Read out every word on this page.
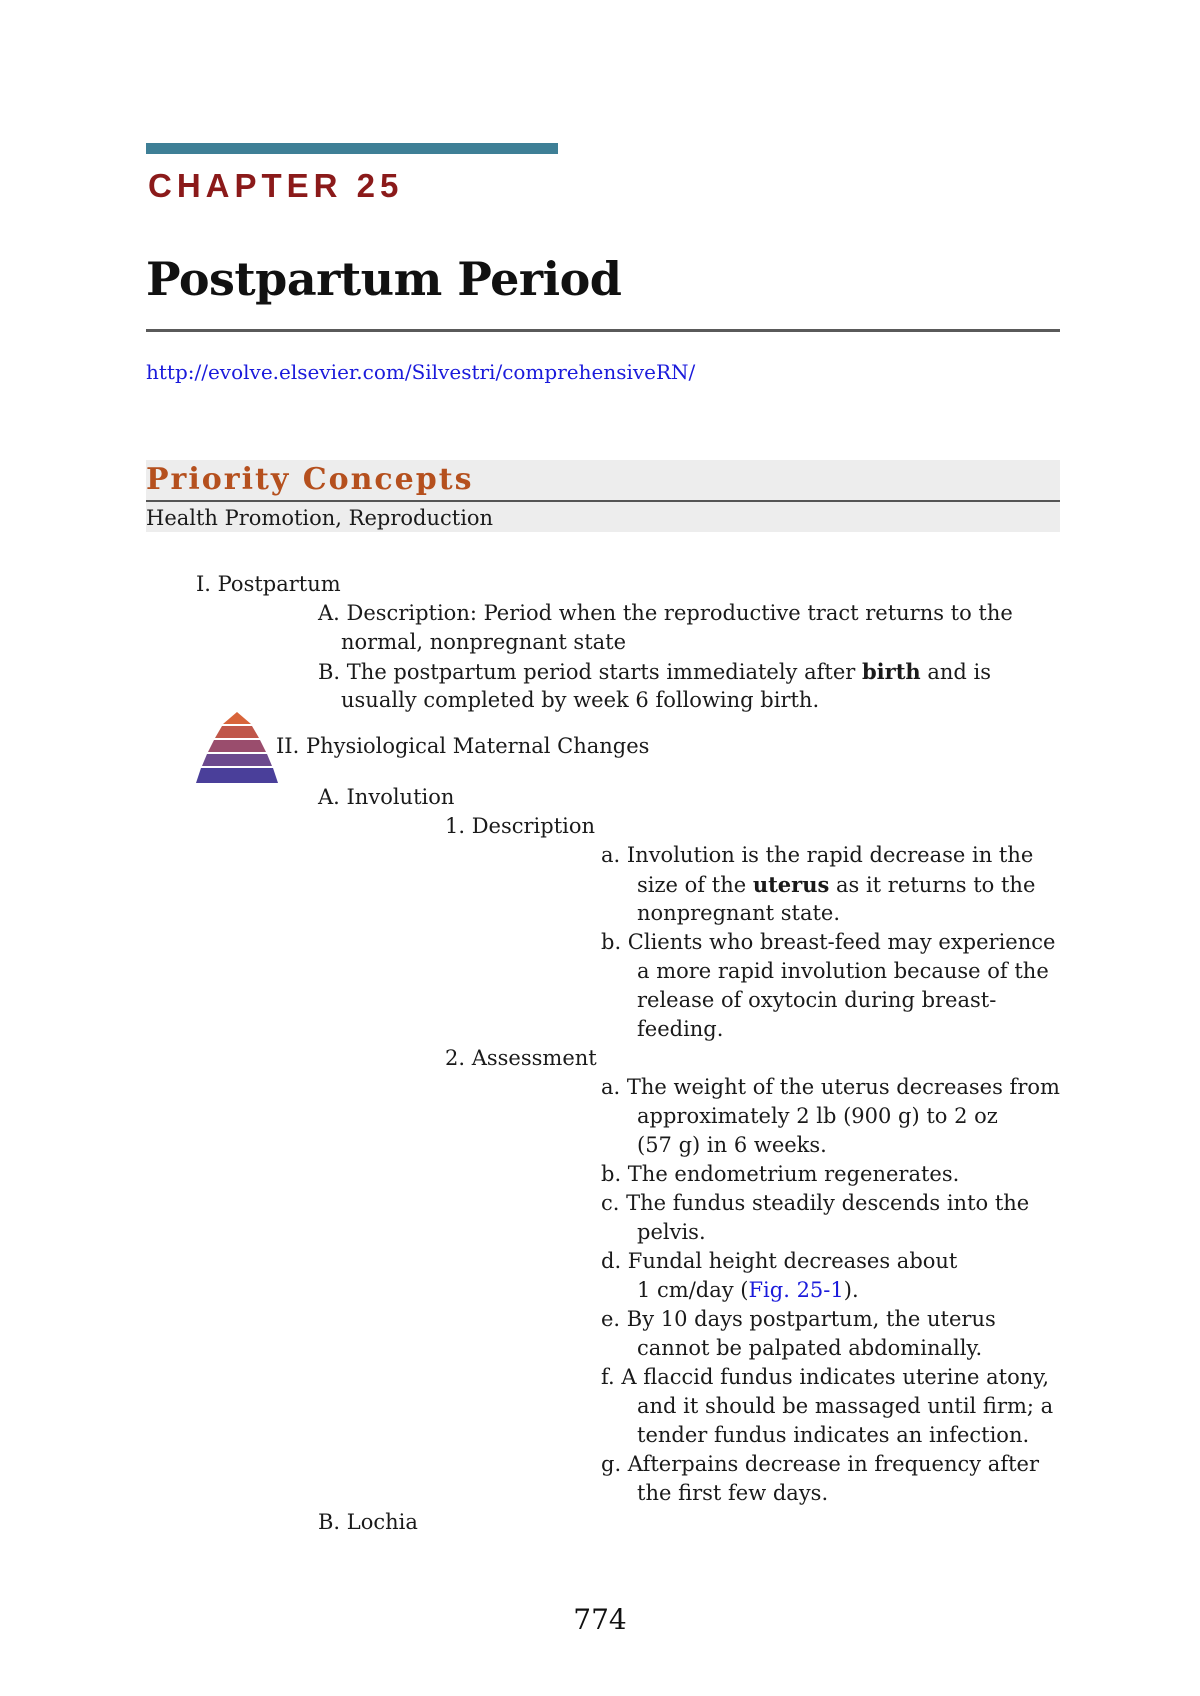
CHAPTER 25
Postpartum Period
http://evolve.elsevier.com/Silvestri/comprehensiveRN/
Priority Concepts
Health Promotion, Reproduction
I. Postpartum
A. Description: Period when the reproductive tract returns to the
normal, nonpregnant state
B. The postpartum period starts immediately after birth and is
usually completed by week 6 following birth.
II. Physiological Maternal Changes
A. Involution
1. Description
a. Involution is the rapid decrease in the
size of the uterus as it returns to the
nonpregnant state.
b. Clients who breast-feed may experience
a more rapid involution because of the
release of oxytocin during breast-
feeding.
2. Assessment
a. The weight of the uterus decreases from
approximately 2 lb (900 g) to 2 oz
(57 g) in 6 weeks.
b. The endometrium regenerates.
c. The fundus steadily descends into the
pelvis.
d. Fundal height decreases about
1 cm/day (Fig. 25-1).
e. By 10 days postpartum, the uterus
cannot be palpated abdominally.
f. A flaccid fundus indicates uterine atony,
and it should be massaged until firm; a
tender fundus indicates an infection.
g. Afterpains decrease in frequency after
the first few days.
B. Lochia
774
